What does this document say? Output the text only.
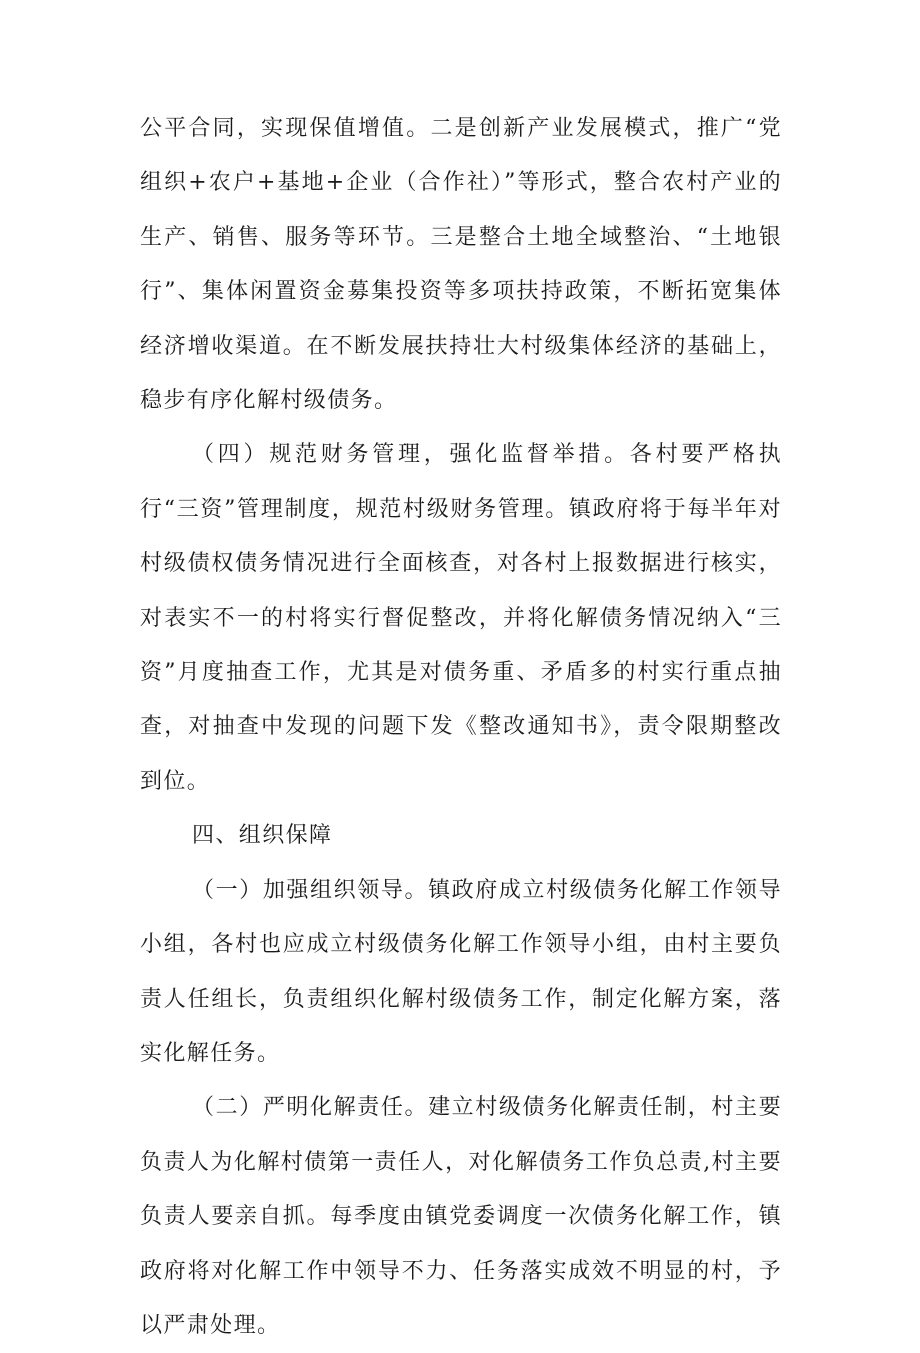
公平合同，实现保值增值。二是创新产业发展模式，推广“党组织+农户+基地+企业（合作社）”等形式，整合农村产业的生产、销售、服务等环节。三是整合土地全域整治、“土地银行”、集体闲置资金募集投资等多项扶持政策，不断拓宽集体经济增收渠道。在不断发展扶持壮大村级集体经济的基础上，稳步有序化解村级债务。

（四）规范财务管理，强化监督举措。各村要严格执行“三资”管理制度，规范村级财务管理。镇政府将于每半年对村级债权债务情况进行全面核查，对各村上报数据进行核实，对表实不一的村将实行督促整改，并将化解债务情况纳入“三资”月度抽查工作，尤其是对债务重、矛盾多的村实行重点抽查，对抽查中发现的问题下发《整改通知书》，责令限期整改到位。

四、组织保障

（一）加强组织领导。镇政府成立村级债务化解工作领导小组，各村也应成立村级债务化解工作领导小组，由村主要负责人任组长，负责组织化解村级债务工作，制定化解方案，落实化解任务。

（二）严明化解责任。建立村级债务化解责任制，村主要负责人为化解村债第一责任人，对化解债务工作负总责,村主要负责人要亲自抓。每季度由镇党委调度一次债务化解工作，镇政府将对化解工作中领导不力、任务落实成效不明显的村，予以严肃处理。
